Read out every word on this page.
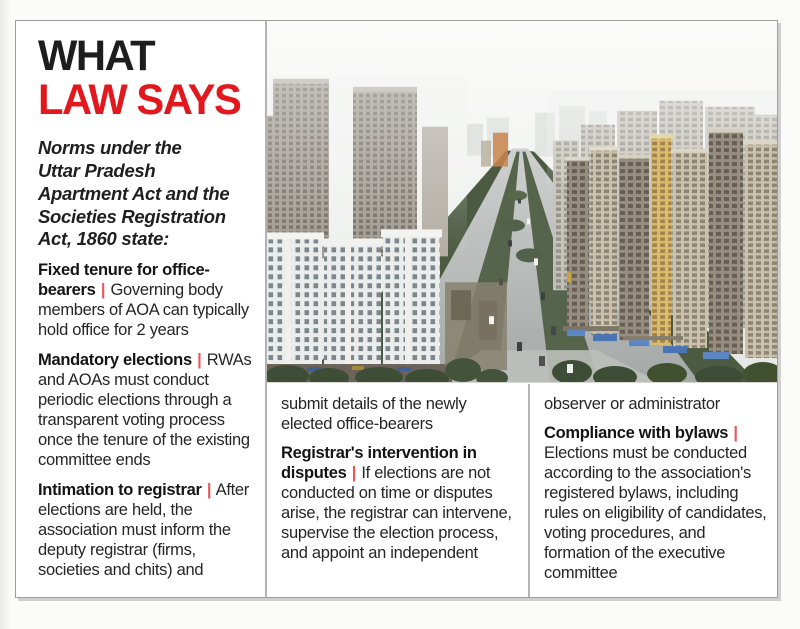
WHAT
LAW SAYS
Norms under the
Uttar Pradesh
Apartment Act and the
Societies Registration
Act, 1860 state:

Fixed tenure for office-bearers | Governing body members of AOA can typically hold office for 2 years

Mandatory elections | RWAs and AOAs must conduct periodic elections through a transparent voting process once the tenure of the existing committee ends

Intimation to registrar | After elections are held, the association must inform the deputy registrar (firms, societies and chits) and

submit details of the newly elected office-bearers

Registrar's intervention in disputes | If elections are not conducted on time or disputes arise, the registrar can intervene, supervise the election process, and appoint an independent

observer or administrator

Compliance with bylaws | Elections must be conducted according to the association's registered bylaws, including rules on eligibility of candidates, voting procedures, and formation of the executive committee
